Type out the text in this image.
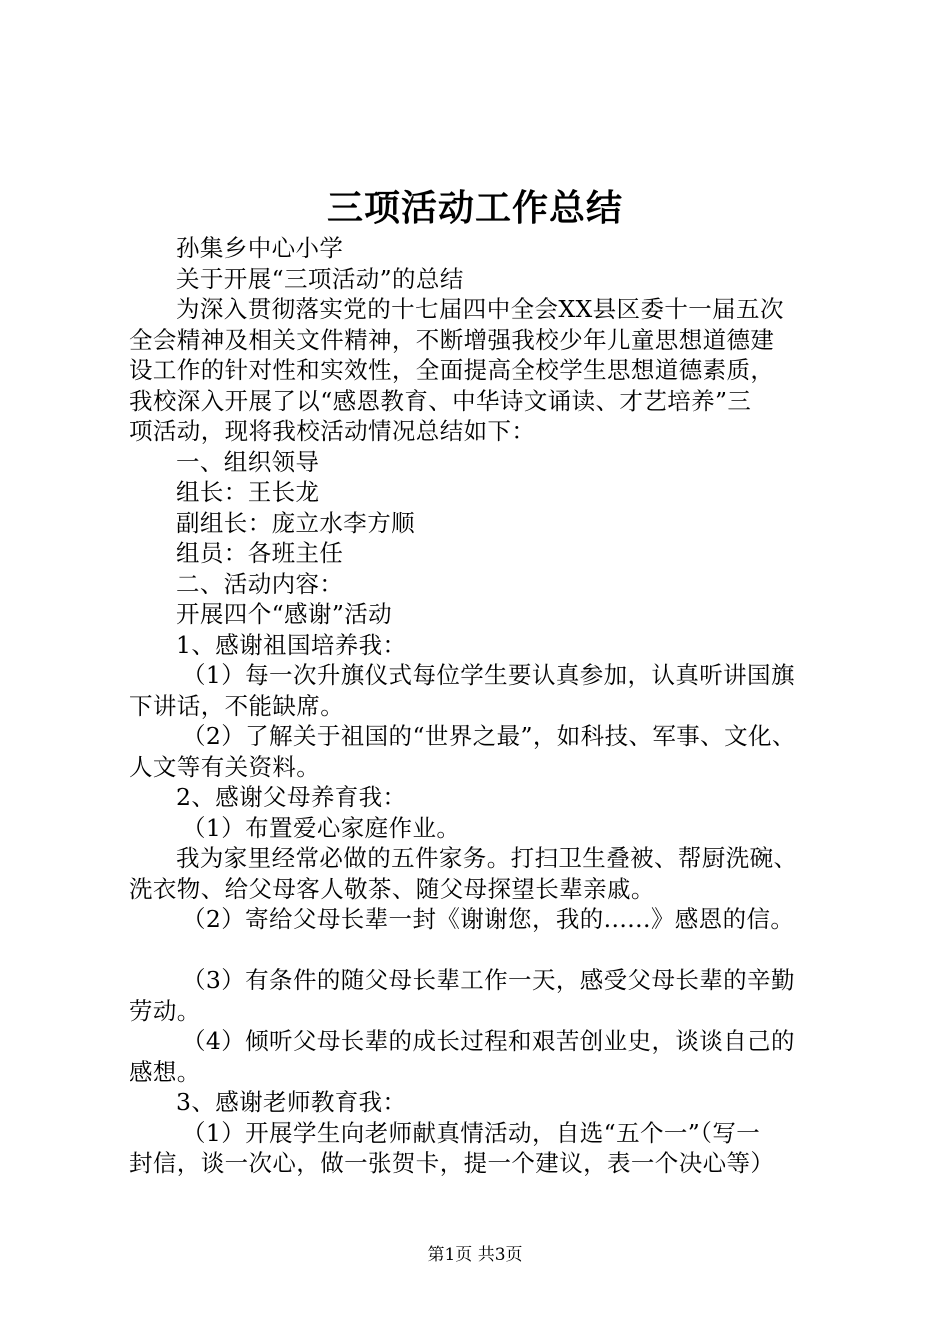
三项活动工作总结
孙集乡中心小学
关于开展“三项活动”的总结
为深入贯彻落实党的十七届四中全会XX县区委十一届五次
全会精神及相关文件精神，不断增强我校少年儿童思想道德建
设工作的针对性和实效性，全面提高全校学生思想道德素质，
我校深入开展了以“感恩教育、中华诗文诵读、才艺培养”三
项活动，现将我校活动情况总结如下：
一、组织领导
组长：王长龙
副组长：庞立水李方顺
组员：各班主任
二、活动内容：
开展四个“感谢”活动
1、感谢祖国培养我：
（1）每一次升旗仪式每位学生要认真参加，认真听讲国旗
下讲话，不能缺席。
（2）了解关于祖国的“世界之最”，如科技、军事、文化、
人文等有关资料。
2、感谢父母养育我：
（1）布置爱心家庭作业。
我为家里经常必做的五件家务。打扫卫生叠被、帮厨洗碗、
洗衣物、给父母客人敬茶、随父母探望长辈亲戚。
（2）寄给父母长辈一封《谢谢您，我的......》感恩的信。
（3）有条件的随父母长辈工作一天，感受父母长辈的辛勤
劳动。
（4）倾听父母长辈的成长过程和艰苦创业史，谈谈自己的
感想。
3、感谢老师教育我：
（1）开展学生向老师献真情活动，自选“五个一”（写一
封信，谈一次心，做一张贺卡，提一个建议，表一个决心等）
第1页 共3页
